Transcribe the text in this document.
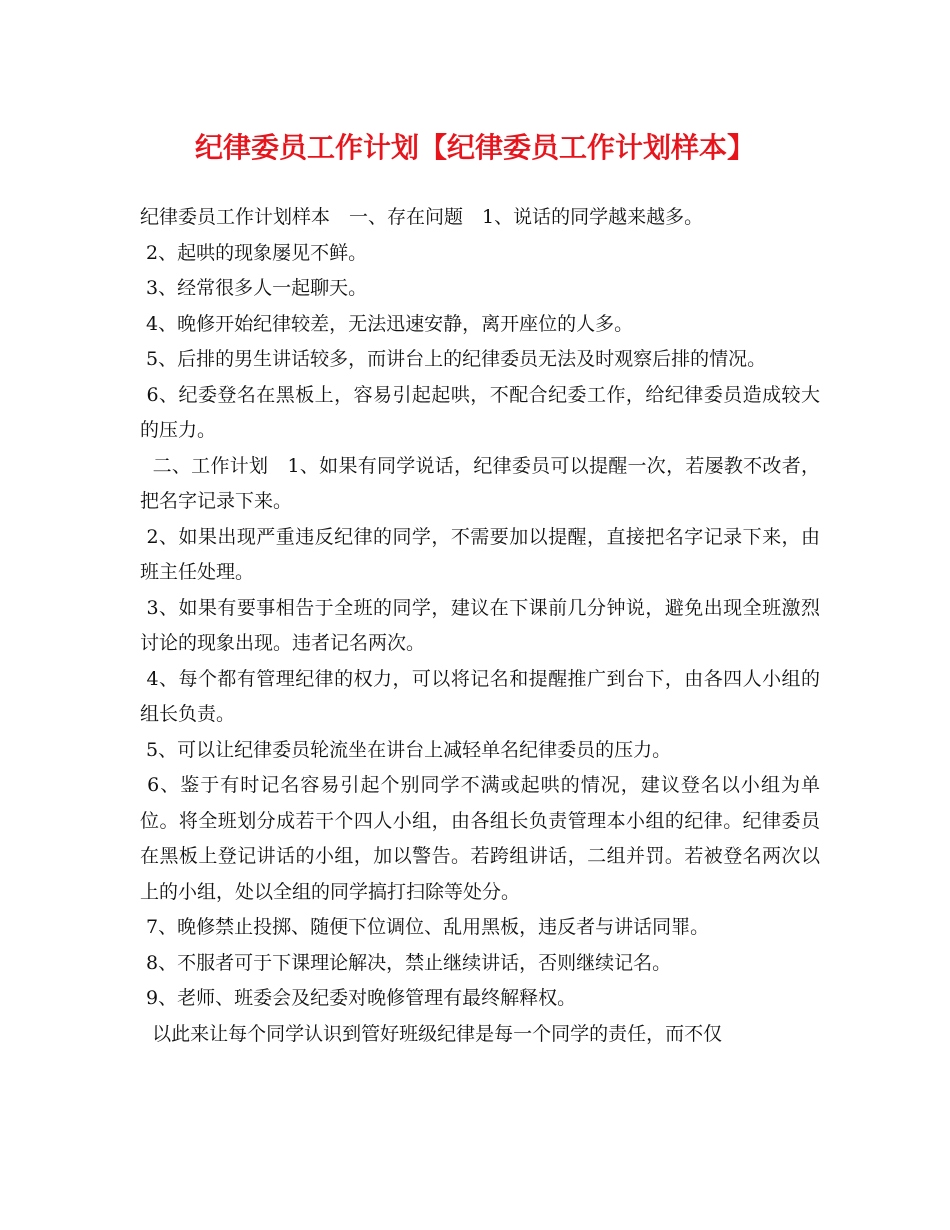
纪律委员工作计划【纪律委员工作计划样本】

纪律委员工作计划样本　一、存在问题　1、说话的同学越来越多。

2、起哄的现象屡见不鲜。

3、经常很多人一起聊天。

4、晚修开始纪律较差，无法迅速安静，离开座位的人多。

5、后排的男生讲话较多，而讲台上的纪律委员无法及时观察后排的情况。

6、纪委登名在黑板上，容易引起起哄，不配合纪委工作，给纪律委员造成较大的压力。

二、工作计划　1、如果有同学说话，纪律委员可以提醒一次，若屡教不改者，把名字记录下来。

2、如果出现严重违反纪律的同学，不需要加以提醒，直接把名字记录下来，由班主任处理。

3、如果有要事相告于全班的同学，建议在下课前几分钟说，避免出现全班激烈讨论的现象出现。违者记名两次。

4、每个都有管理纪律的权力，可以将记名和提醒推广到台下，由各四人小组的组长负责。

5、可以让纪律委员轮流坐在讲台上减轻单名纪律委员的压力。

6、鉴于有时记名容易引起个别同学不满或起哄的情况，建议登名以小组为单位。将全班划分成若干个四人小组，由各组长负责管理本小组的纪律。纪律委员在黑板上登记讲话的小组，加以警告。若跨组讲话，二组并罚。若被登名两次以上的小组，处以全组的同学搞打扫除等处分。

7、晚修禁止投掷、随便下位调位、乱用黑板，违反者与讲话同罪。

8、不服者可于下课理论解决，禁止继续讲话，否则继续记名。

9、老师、班委会及纪委对晚修管理有最终解释权。

以此来让每个同学认识到管好班级纪律是每一个同学的责任，而不仅
